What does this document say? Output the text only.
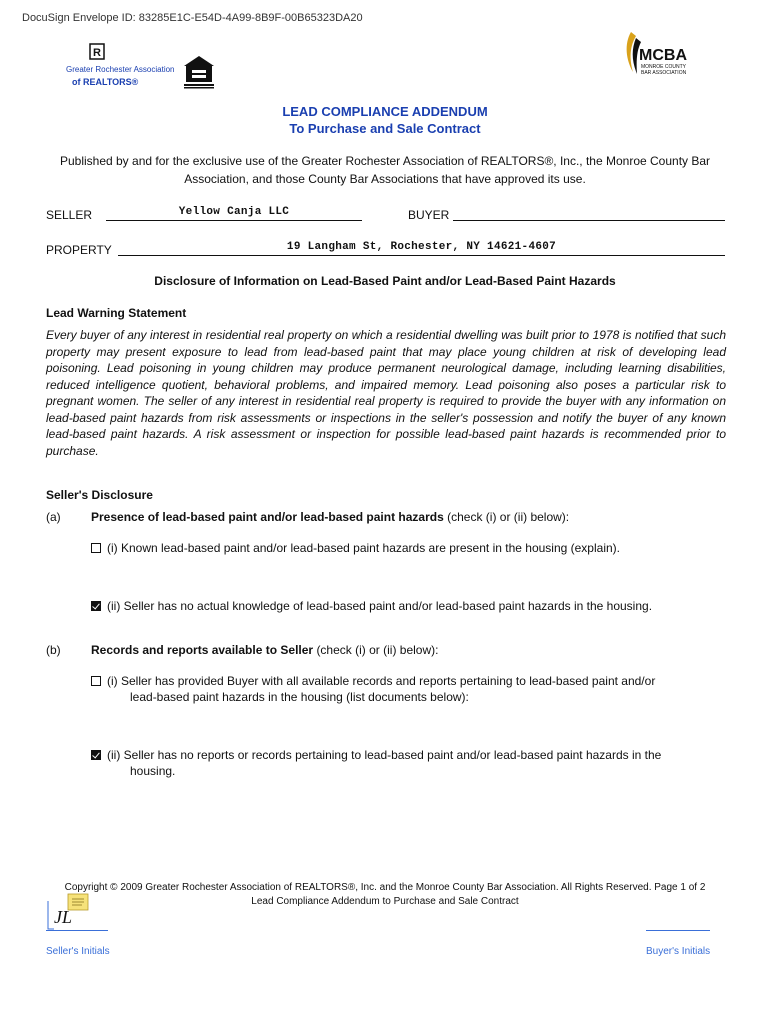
DocuSign Envelope ID: 83285E1C-E54D-4A99-8B9F-00B65323DA20
R
Greater Rochester Association
of REALTORS®
MCBA
MONROE COUNTY
BAR ASSOCIATION
LEAD COMPLIANCE ADDENDUM
To Purchase and Sale Contract
Published by and for the exclusive use of the Greater Rochester Association of REALTORS®, Inc., the Monroe County Bar Association, and those County Bar Associations that have approved its use.
SELLER	Yellow Canja LLC	BUYER
PROPERTY	19 Langham St, Rochester, NY 14621-4607
Disclosure of Information on Lead-Based Paint and/or Lead-Based Paint Hazards
Lead Warning Statement
Every buyer of any interest in residential real property on which a residential dwelling was built prior to 1978 is notified that such property may present exposure to lead from lead-based paint that may place young children at risk of developing lead poisoning. Lead poisoning in young children may produce permanent neurological damage, including learning disabilities, reduced intelligence quotient, behavioral problems, and impaired memory. Lead poisoning also poses a particular risk to pregnant women. The seller of any interest in residential real property is required to provide the buyer with any information on lead-based paint hazards from risk assessments or inspections in the seller's possession and notify the buyer of any known lead-based paint hazards. A risk assessment or inspection for possible lead-based paint hazards is recommended prior to purchase.
Seller's Disclosure
(a)	Presence of lead-based paint and/or lead-based paint hazards (check (i) or (ii) below):
(i) Known lead-based paint and/or lead-based paint hazards are present in the housing (explain).
(ii) Seller has no actual knowledge of lead-based paint and/or lead-based paint hazards in the housing.
(b)	Records and reports available to Seller (check (i) or (ii) below):
(i) Seller has provided Buyer with all available records and reports pertaining to lead-based paint and/or
lead-based paint hazards in the housing (list documents below):
(ii) Seller has no reports or records pertaining to lead-based paint and/or lead-based paint hazards in the
housing.
Copyright © 2009 Greater Rochester Association of REALTORS®, Inc. and the Monroe County Bar Association. All Rights Reserved. Page 1 of 2
Lead Compliance Addendum to Purchase and Sale Contract
JL
Seller's Initials	Buyer's Initials
